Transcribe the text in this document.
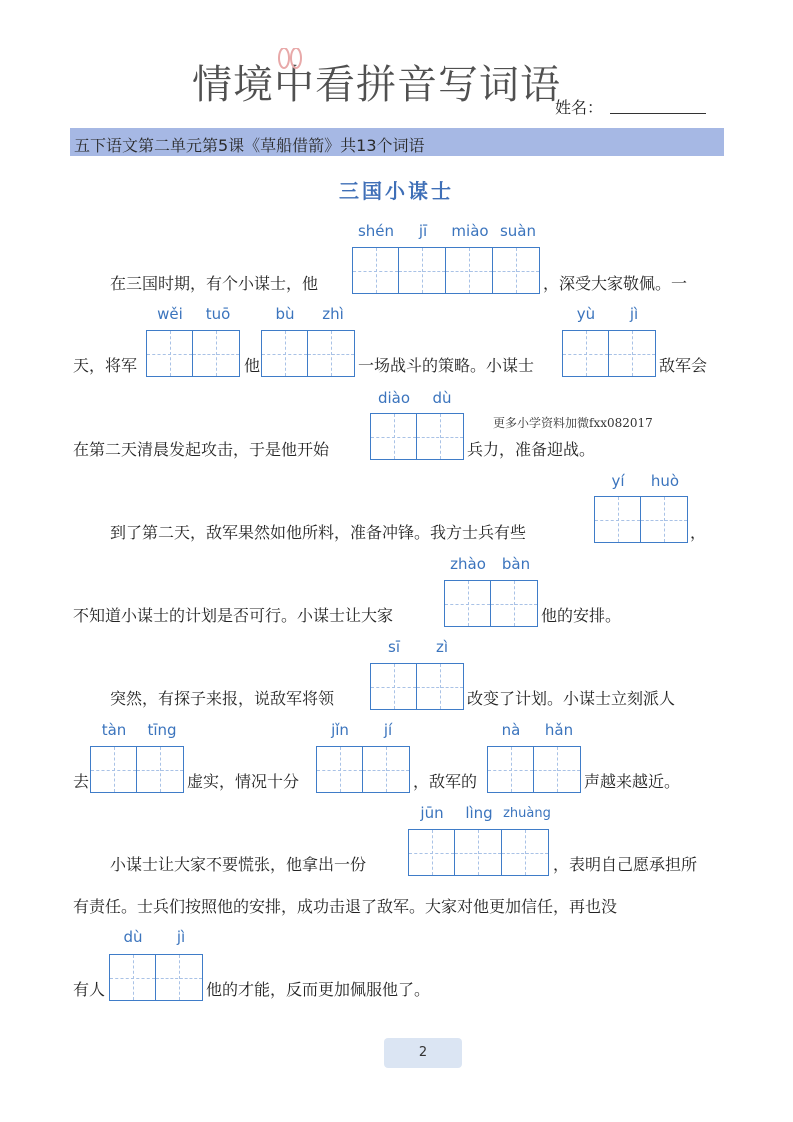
情境中看拼音写词语
姓名：
五下语文第二单元第5课《草船借箭》共13个词语
三国小谋士
shén	jī	miào suàn
在三国时期，有个小谋士，他	，深受大家敬佩。一
wěi	tuō	bù	zhì	yù	jì
天，将军	他	一场战斗的策略。小谋士	敌军会
diào	dù
更多小学资料加微fxx082017
在第二天清晨发起攻击，于是他开始	兵力，准备迎战。
yí	huò
到了第二天，敌军果然如他所料，准备冲锋。我方士兵有些	，
zhào	bàn
不知道小谋士的计划是否可行。小谋士让大家	他的安排。
sī	zì
突然，有探子来报，说敌军将领	改变了计划。小谋士立刻派人
tàn	tīng	jǐn	jí	nà	hǎn
去	虚实，情况十分	，敌军的	声越来越近。
jūn	lìng zhuàng
小谋士让大家不要慌张，他拿出一份	，表明自己愿承担所
有责任。士兵们按照他的安排，成功击退了敌军。大家对他更加信任，再也没
dù	jì
有人	他的才能，反而更加佩服他了。
2
